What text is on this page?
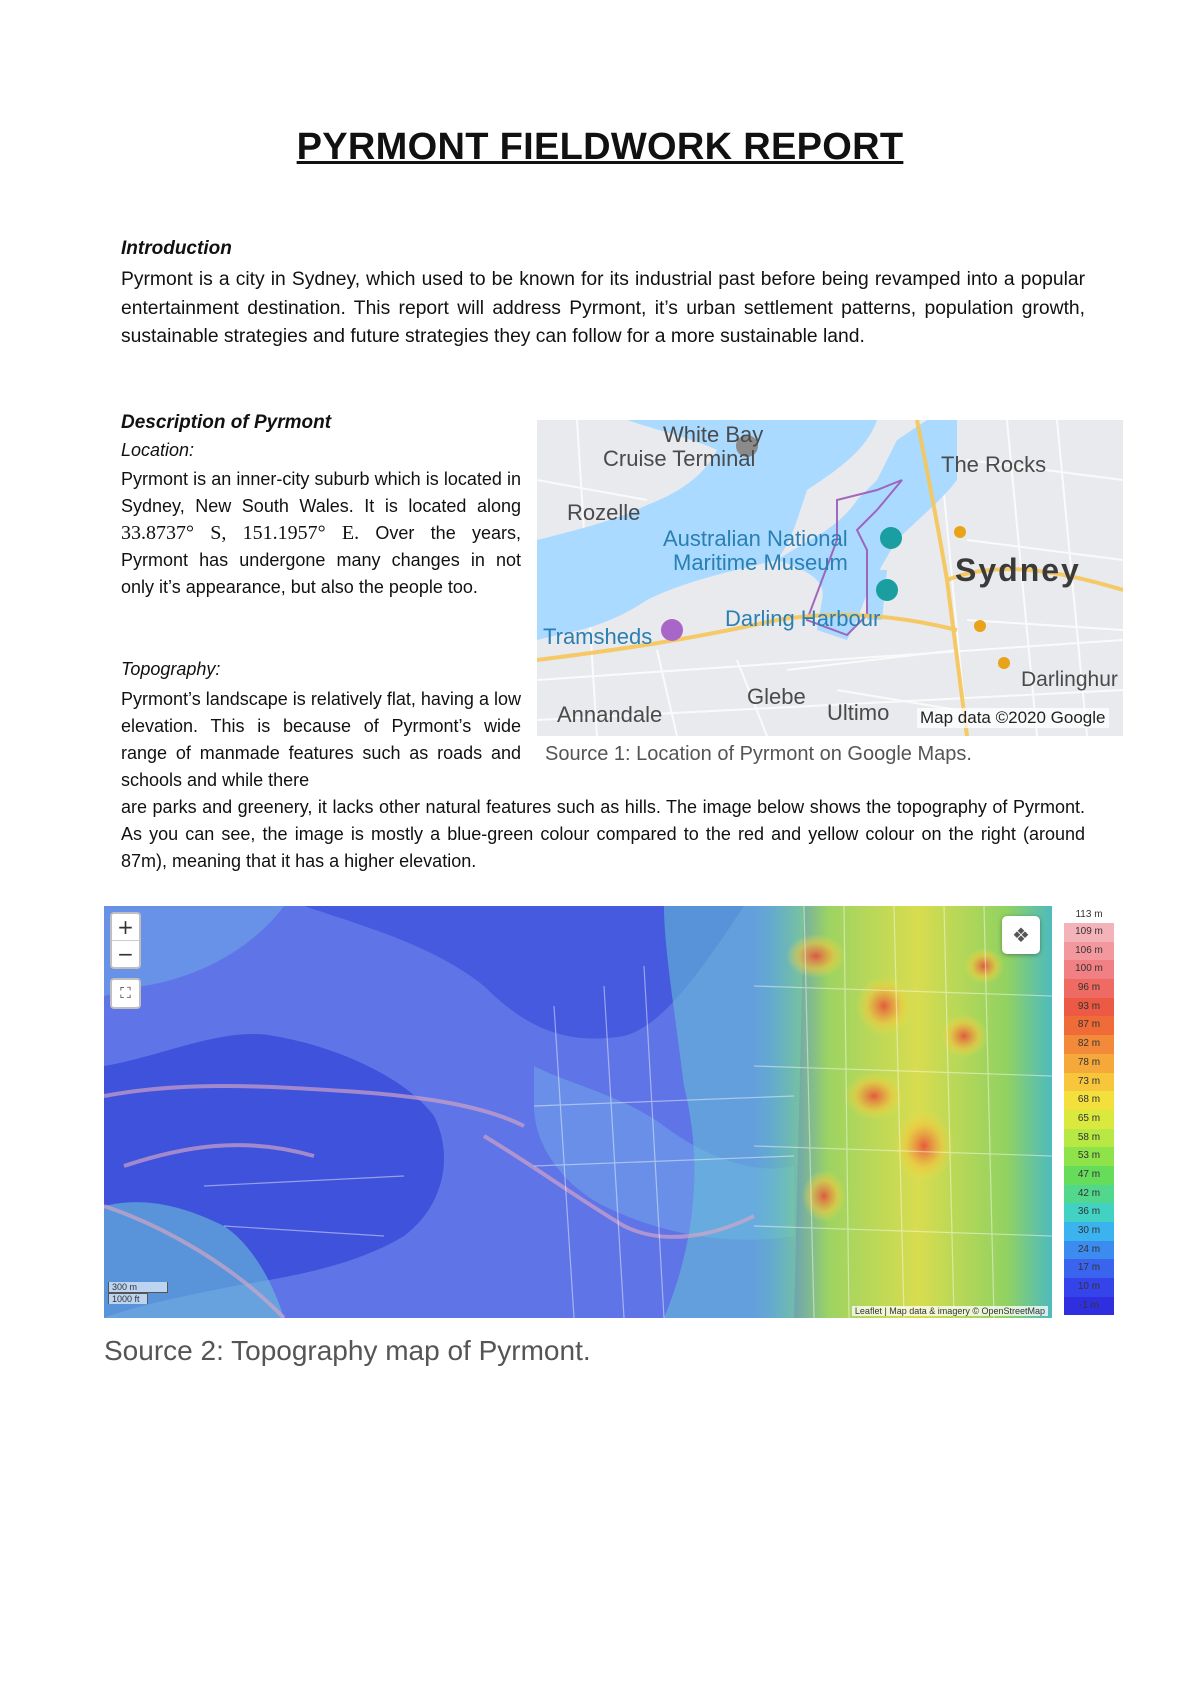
PYRMONT FIELDWORK REPORT
Introduction
Pyrmont is a city in Sydney, which used to be known for its industrial past before being revamped into a popular entertainment destination. This report will address Pyrmont, it’s urban settlement patterns, population growth, sustainable strategies and future strategies they can follow for a more sustainable land.
Description of Pyrmont
Location:
Pyrmont is an inner-city suburb which is located in Sydney, New South Wales. It is located along 33.8737° S, 151.1957° E. Over the years, Pyrmont has undergone many changes in not only it’s appearance, but also the people too.
Topography:
Pyrmont’s landscape is relatively flat, having a low elevation. This is because of Pyrmont’s wide range of manmade features such as roads and schools and while there
are parks and greenery, it lacks other natural features such as hills. The image below shows the topography of Pyrmont. As you can see, the image is mostly a blue-green colour compared to the red and yellow colour on the right (around 87m), meaning that it has a higher elevation.
White Bay
Cruise Terminal	The Rocks
Rozelle
Australian National
Maritime Museum	Sydney
Darling Harbour
Tramsheds
Darlinghur
Glebe
Annandale	Ultimo Map data ©2020 Google
Source 1: Location of Pyrmont on Google Maps.
+
−
⛶
❖
300 m
1000 ft
Leaflet | Map data & imagery © OpenStreetMap
113 m
109 m
106 m
100 m
96 m
93 m
87 m
82 m
78 m
73 m
68 m
65 m
58 m
53 m
47 m
42 m
36 m
30 m
24 m
17 m
10 m
-1 m
Source 2: Topography map of Pyrmont.
